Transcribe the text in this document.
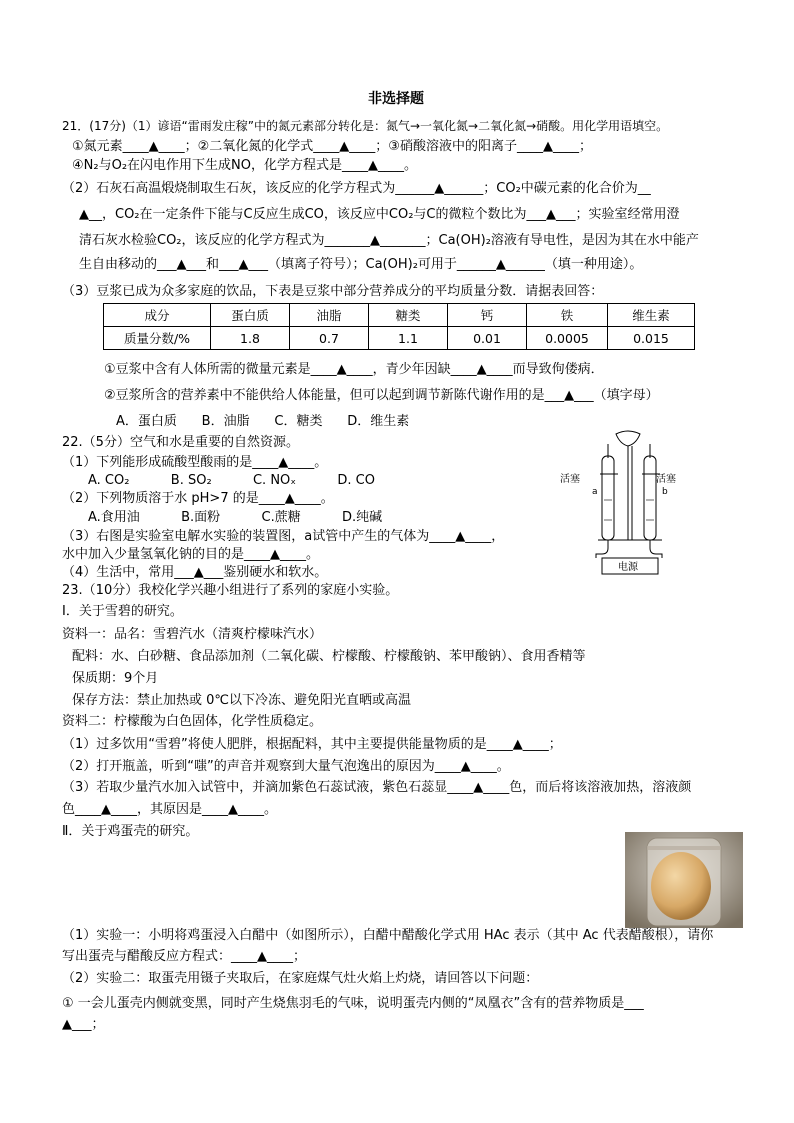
非选择题
21．(17分)（1）谚语“雷雨发庄稼”中的氮元素部分转化是：氮气→一氧化氮→二氧化氮→硝酸。用化学用语填空。
①氮元素____▲____；②二氧化氮的化学式____▲____；③硝酸溶液中的阳离子____▲____；
④N₂与O₂在闪电作用下生成NO，化学方程式是____▲____。
（2）石灰石高温煅烧制取生石灰，该反应的化学方程式为______▲______；CO₂中碳元素的化合价为__
▲__，CO₂在一定条件下能与C反应生成CO，该反应中CO₂与C的微粒个数比为___▲___；实验室经常用澄
清石灰水检验CO₂，该反应的化学方程式为_______▲_______；Ca(OH)₂溶液有导电性，是因为其在水中能产
生自由移动的___▲___和___▲___（填离子符号）；Ca(OH)₂可用于______▲______（填一种用途）。
（3）豆浆已成为众多家庭的饮品，下表是豆浆中部分营养成分的平均质量分数．请据表回答：
成分	蛋白质	油脂	糖类	钙	铁	维生素
质量分数/%	1.8	0.7	1.1	0.01	0.0005	0.015
①豆浆中含有人体所需的微量元素是____▲____，青少年因缺____▲____而导致佝偻病．
②豆浆所含的营养素中不能供给人体能量，但可以起到调节新陈代谢作用的是___▲___（填字母）
A．蛋白质      B．油脂      C．糖类      D．维生素
22.（5分）空气和水是重要的自然资源。
（1）下列能形成硫酸型酸雨的是____▲____。
A. CO₂          B. SO₂          C. NOₓ          D. CO
（2）下列物质溶于水 pH>7 的是____▲____。
A.食用油          B.面粉          C.蔗糖          D.纯碱
（3）右图是实验室电解水实验的装置图，a试管中产生的气体为____▲____，
水中加入少量氢氧化钠的目的是____▲____。
（4）生活中，常用___▲___鉴别硬水和软水。
活塞	活塞
a	b
电源
23.（10分）我校化学兴趣小组进行了系列的家庭小实验。
Ⅰ．关于雪碧的研究。
资料一：品名：雪碧汽水（清爽柠檬味汽水）
配料：水、白砂糖、食品添加剂（二氧化碳、柠檬酸、柠檬酸钠、苯甲酸钠）、食用香精等
保质期：9个月
保存方法：禁止加热或 0℃以下冷冻、避免阳光直晒或高温
资料二：柠檬酸为白色固体，化学性质稳定。
（1）过多饮用“雪碧”将使人肥胖，根据配料，其中主要提供能量物质的是____▲____；
（2）打开瓶盖，听到“嗤”的声音并观察到大量气泡逸出的原因为____▲____。
（3）若取少量汽水加入试管中，并滴加紫色石蕊试液，紫色石蕊显____▲____色，而后将该溶液加热，溶液颜
色____▲____，其原因是____▲____。
Ⅱ．关于鸡蛋壳的研究。
（1）实验一：小明将鸡蛋浸入白醋中（如图所示），白醋中醋酸化学式用 HAc 表示（其中 Ac 代表醋酸根），请你
写出蛋壳与醋酸反应方程式：____▲____；
（2）实验二：取蛋壳用镊子夹取后，在家庭煤气灶火焰上灼烧，请回答以下问题：
① 一会儿蛋壳内侧就变黑，同时产生烧焦羽毛的气味，说明蛋壳内侧的“凤凰衣”含有的营养物质是___
▲___；
